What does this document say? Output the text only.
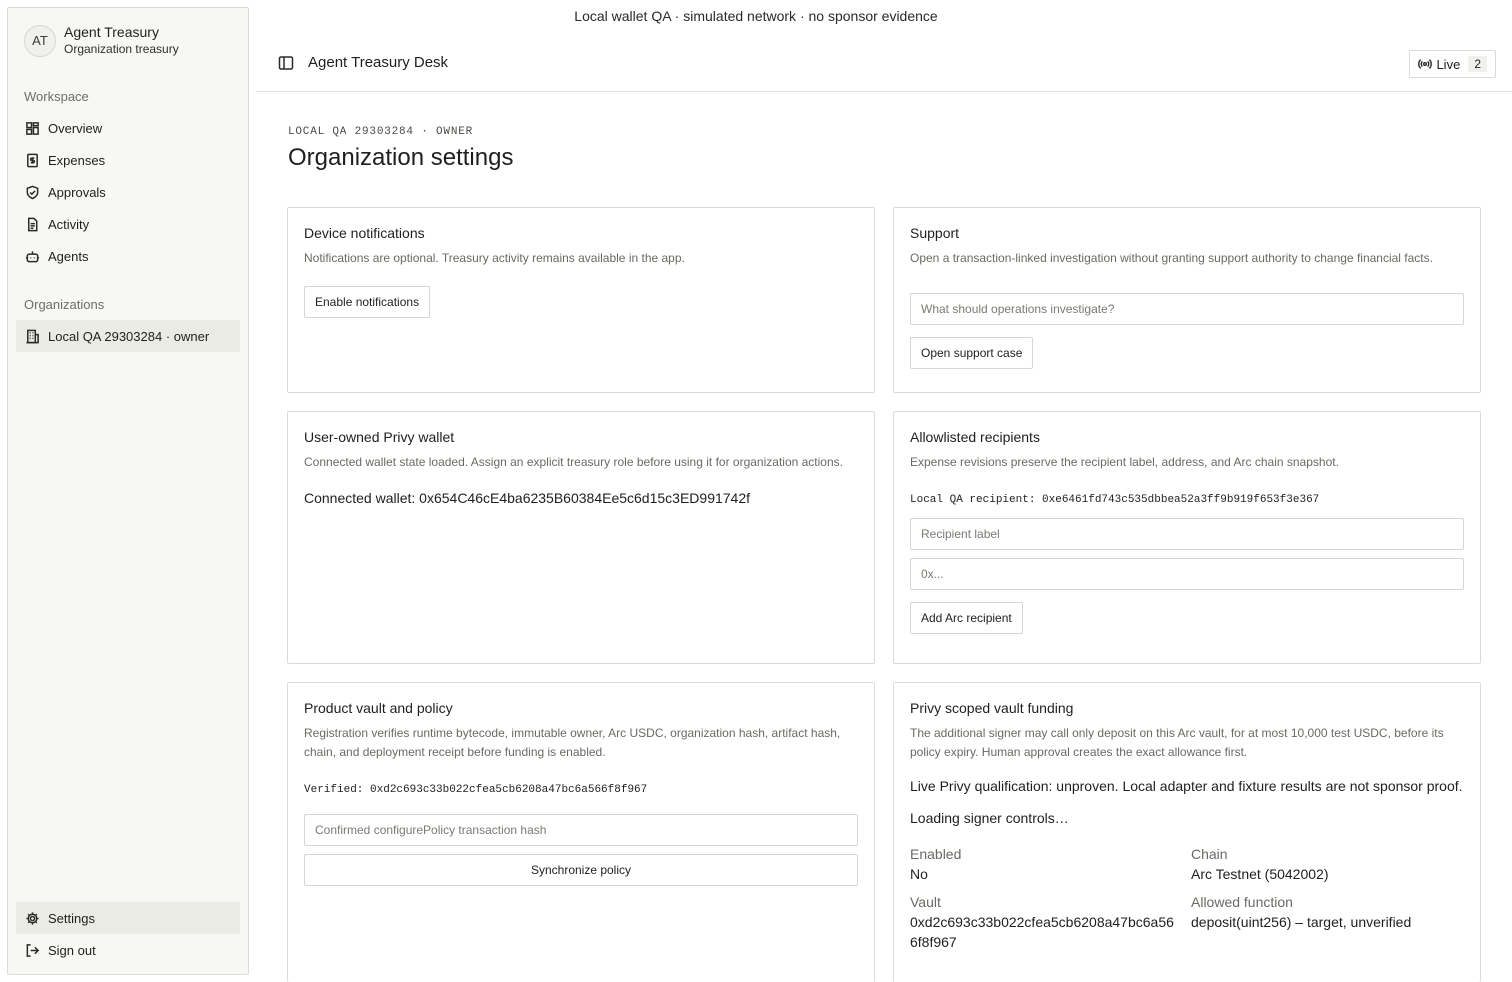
Local wallet QA · simulated network · no sponsor evidence
AT
Agent Treasury
Organization treasury
Workspace
Overview
Expenses
Approvals
Activity
Agents
Organizations
Local QA 29303284 · owner
Settings
Sign out
Agent Treasury Desk	Live	2
LOCAL QA 29303284 · OWNER
Organization settings
Device notifications
Notifications are optional. Treasury activity remains available in the app.
Enable notifications
Support
Open a transaction-linked investigation without granting support authority to change financial facts.
What should operations investigate?
Open support case
User-owned Privy wallet
Connected wallet state loaded. Assign an explicit treasury role before using it for organization actions.
Connected wallet: 0x654C46cE4ba6235B60384Ee5c6d15c3ED991742f
Allowlisted recipients
Expense revisions preserve the recipient label, address, and Arc chain snapshot.
Local QA recipient: 0xe6461fd743c535dbbea52a3ff9b919f653f3e367
Recipient label
0x...
Add Arc recipient
Product vault and policy
Registration verifies runtime bytecode, immutable owner, Arc USDC, organization hash, artifact hash, chain, and deployment receipt before funding is enabled.
Verified: 0xd2c693c33b022cfea5cb6208a47bc6a566f8f967
Confirmed configurePolicy transaction hash
Synchronize policy
Privy scoped vault funding
The additional signer may call only deposit on this Arc vault, for at most 10,000 test USDC, before its policy expiry. Human approval creates the exact allowance first.
Live Privy qualification: unproven. Local adapter and fixture results are not sponsor proof.
Loading signer controls…
Enabled
No
Vault
0xd2c693c33b022cfea5cb6208a47bc6a566f8f967
Chain
Arc Testnet (5042002)
Allowed function
deposit(uint256) – target, unverified
